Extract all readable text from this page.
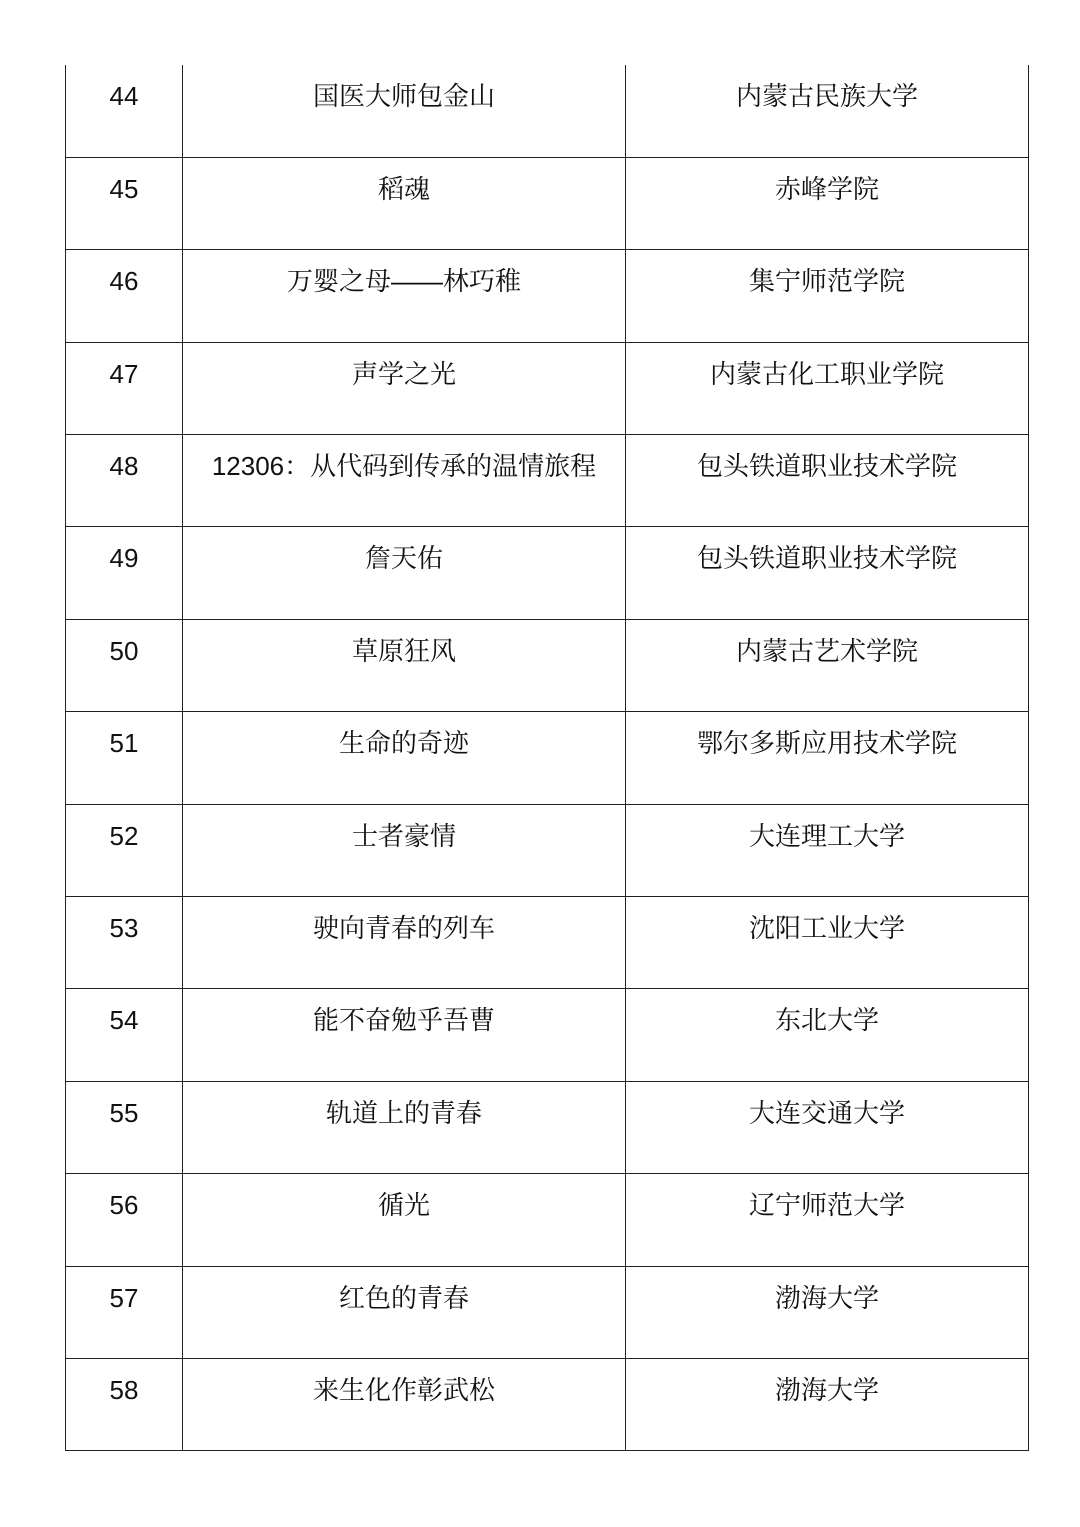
44	国医大师包金山	内蒙古民族大学
45	稻魂	赤峰学院
46	万婴之母——林巧稚	集宁师范学院
47	声学之光	内蒙古化工职业学院
48	12306：从代码到传承的温情旅程	包头铁道职业技术学院
49	詹天佑	包头铁道职业技术学院
50	草原狂风	内蒙古艺术学院
51	生命的奇迹	鄂尔多斯应用技术学院
52	士者豪情	大连理工大学
53	驶向青春的列车	沈阳工业大学
54	能不奋勉乎吾曹	东北大学
55	轨道上的青春	大连交通大学
56	循光	辽宁师范大学
57	红色的青春	渤海大学
58	来生化作彰武松	渤海大学
